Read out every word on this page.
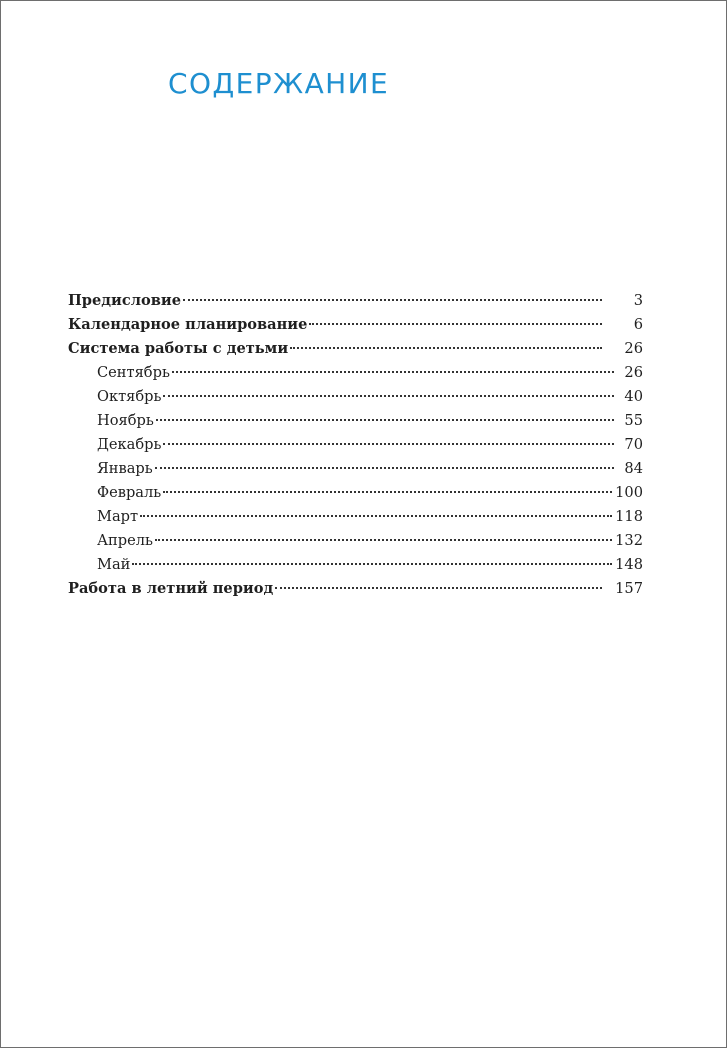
СОДЕРЖАНИЕ
Предисловие	3
Календарное планирование	6
Система работы с детьми	26
Сентябрь	26
Октябрь	40
Ноябрь	55
Декабрь	70
Январь	84
Февраль	100
Март	118
Апрель	132
Май	148
Работа в летний период	157
